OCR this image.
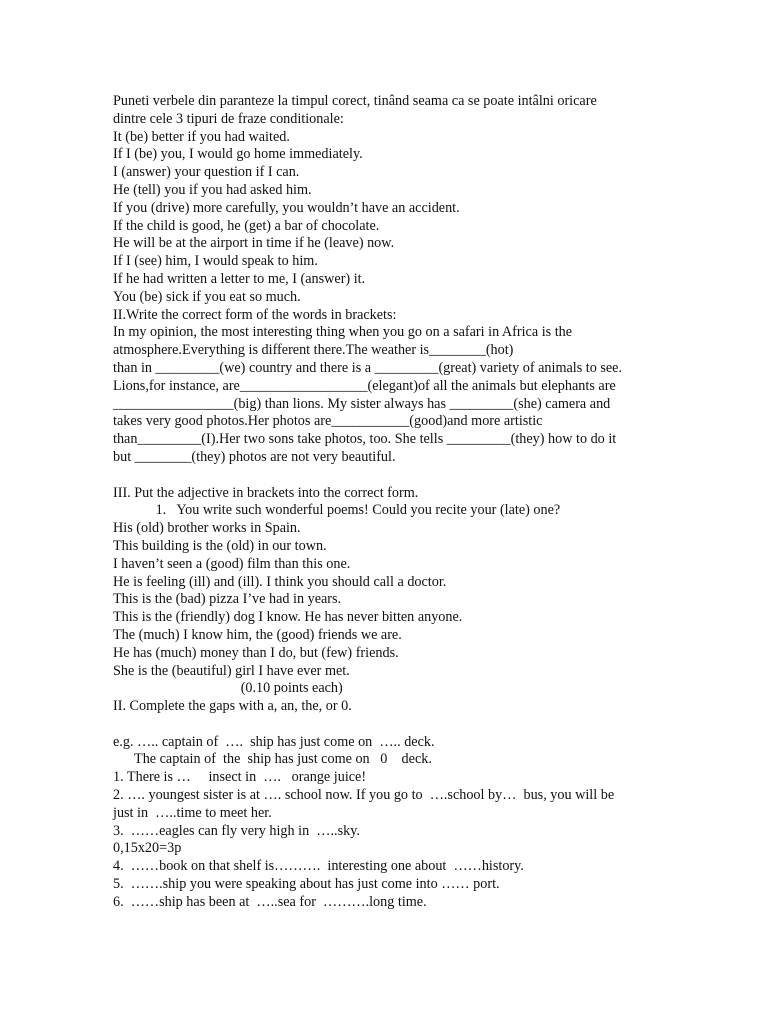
Puneti verbele din paranteze la timpul corect, tinând seama ca se poate intâlni oricare
dintre cele 3 tipuri de fraze conditionale:
It (be) better if you had waited.
If I (be) you, I would go home immediately.
I (answer) your question if I can.
He (tell) you if you had asked him.
If you (drive) more carefully, you wouldn’t have an accident.
If the child is good, he (get) a bar of chocolate.
He will be at the airport in time if he (leave) now.
If I (see) him, I would speak to him.
If he had written a letter to me, I (answer) it.
You (be) sick if you eat so much.
II.Write the correct form of the words in brackets:
In my opinion, the most interesting thing when you go on a safari in Africa is the
atmosphere.Everything is different there.The weather is________(hot)
than in _________(we) country and there is a _________(great) variety of animals to see.
Lions,for instance, are__________________(elegant)of all the animals but elephants are
_________________(big) than lions. My sister always has _________(she) camera and
takes very good photos.Her photos are___________(good)and more artistic
than_________(I).Her two sons take photos, too. She tells _________(they) how to do it
but ________(they) photos are not very beautiful.
III. Put the adjective in brackets into the correct form.
1.   You write such wonderful poems! Could you recite your (late) one?
His (old) brother works in Spain.
This building is the (old) in our town.
I haven’t seen a (good) film than this one.
He is feeling (ill) and (ill). I think you should call a doctor.
This is the (bad) pizza I’ve had in years.
This is the (friendly) dog I know. He has never bitten anyone.
The (much) I know him, the (good) friends we are.
He has (much) money than I do, but (few) friends.
She is the (beautiful) girl I have ever met.
(0.10 points each)
II. Complete the gaps with a, an, the, or 0.
e.g. ….. captain of  ….  ship has just come on  ….. deck.
The captain of  the  ship has just come on   0    deck.
1. There is …     insect in  ….   orange juice!
2. …. youngest sister is at …. school now. If you go to  ….school by…  bus, you will be
just in  …..time to meet her.
3.  ……eagles can fly very high in  …..sky.
0,15x20=3p
4.  ……book on that shelf is……….  interesting one about  ……history.
5.  …….ship you were speaking about has just come into …… port.
6.  ……ship has been at  …..sea for  ……….long time.
